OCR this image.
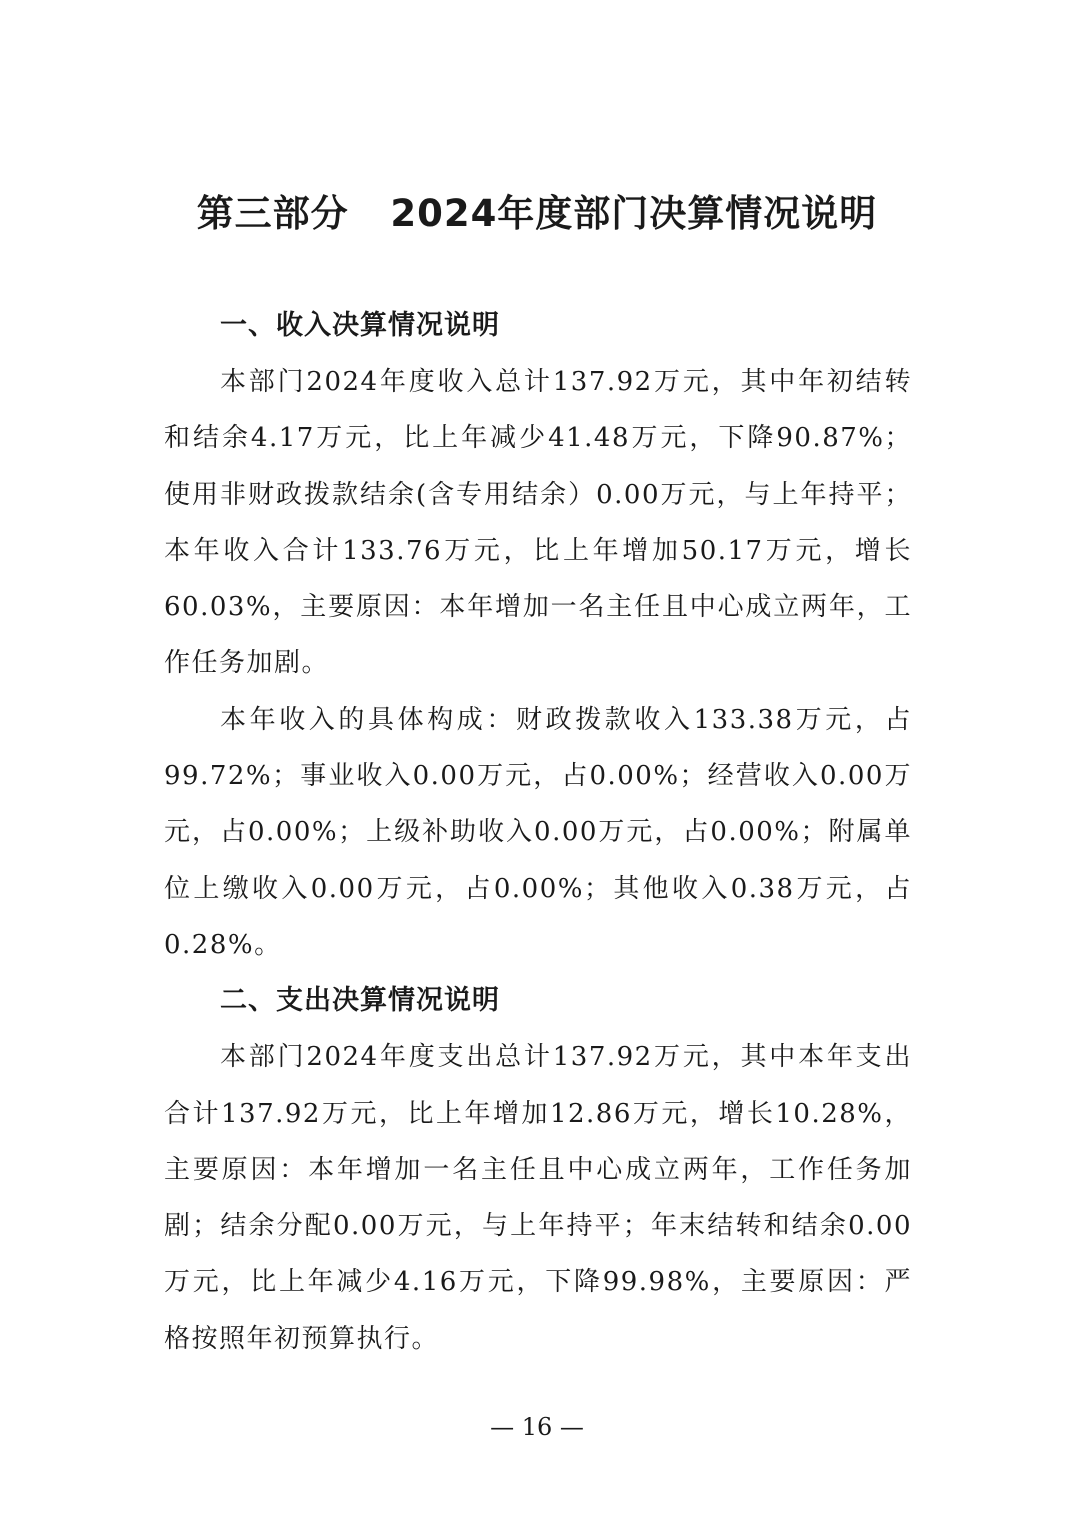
第三部分   2024年度部门决算情况说明
一、收入决算情况说明

本部门2024年度收入总计137.92万元，其中年初结转和结余4.17万元，比上年减少41.48万元，下降90.87%；使用非财政拨款结余(含专用结余）0.00万元，与上年持平；本年收入合计133.76万元，比上年增加50.17万元，增长60.03%，主要原因：本年增加一名主任且中心成立两年，工作任务加剧。

本年收入的具体构成：财政拨款收入133.38万元，占99.72%；事业收入0.00万元，占0.00%；经营收入0.00万元，占0.00%；上级补助收入0.00万元，占0.00%；附属单位上缴收入0.00万元，占0.00%；其他收入0.38万元，占0.28%。

二、支出决算情况说明

本部门2024年度支出总计137.92万元，其中本年支出合计137.92万元，比上年增加12.86万元，增长10.28%，主要原因：本年增加一名主任且中心成立两年，工作任务加剧；结余分配0.00万元，与上年持平；年末结转和结余0.00万元，比上年减少4.16万元，下降99.98%，主要原因：严格按照年初预算执行。

— 16 —
